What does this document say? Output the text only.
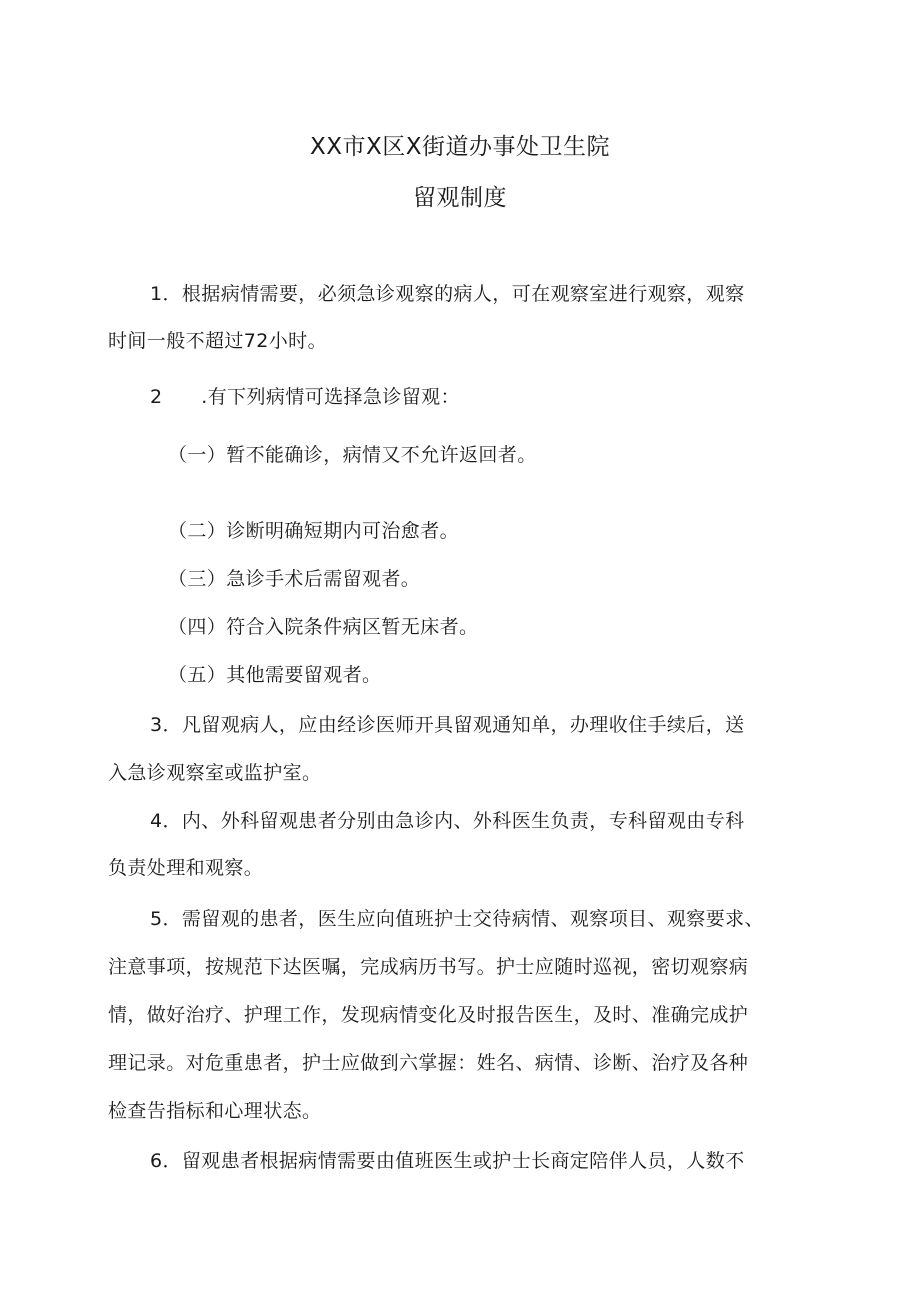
XX市X区X街道办事处卫生院
留观制度
1．根据病情需要，必须急诊观察的病人，可在观察室进行观察，观察
时间一般不超过72小时。
2　　.有下列病情可选择急诊留观：
（一）暂不能确诊，病情又不允许返回者。
（二）诊断明确短期内可治愈者。
（三）急诊手术后需留观者。
（四）符合入院条件病区暂无床者。
（五）其他需要留观者。
3．凡留观病人，应由经诊医师开具留观通知单，办理收住手续后，送
入急诊观察室或监护室。
4．内、外科留观患者分别由急诊内、外科医生负责，专科留观由专科
负责处理和观察。
5．需留观的患者，医生应向值班护士交待病情、观察项目、观察要求、
注意事项，按规范下达医嘱，完成病历书写。护士应随时巡视，密切观察病
情，做好治疗、护理工作，发现病情变化及时报告医生，及时、准确完成护
理记录。对危重患者，护士应做到六掌握：姓名、病情、诊断、治疗及各种
检查告指标和心理状态。
6．留观患者根据病情需要由值班医生或护士长商定陪伴人员，人数不
